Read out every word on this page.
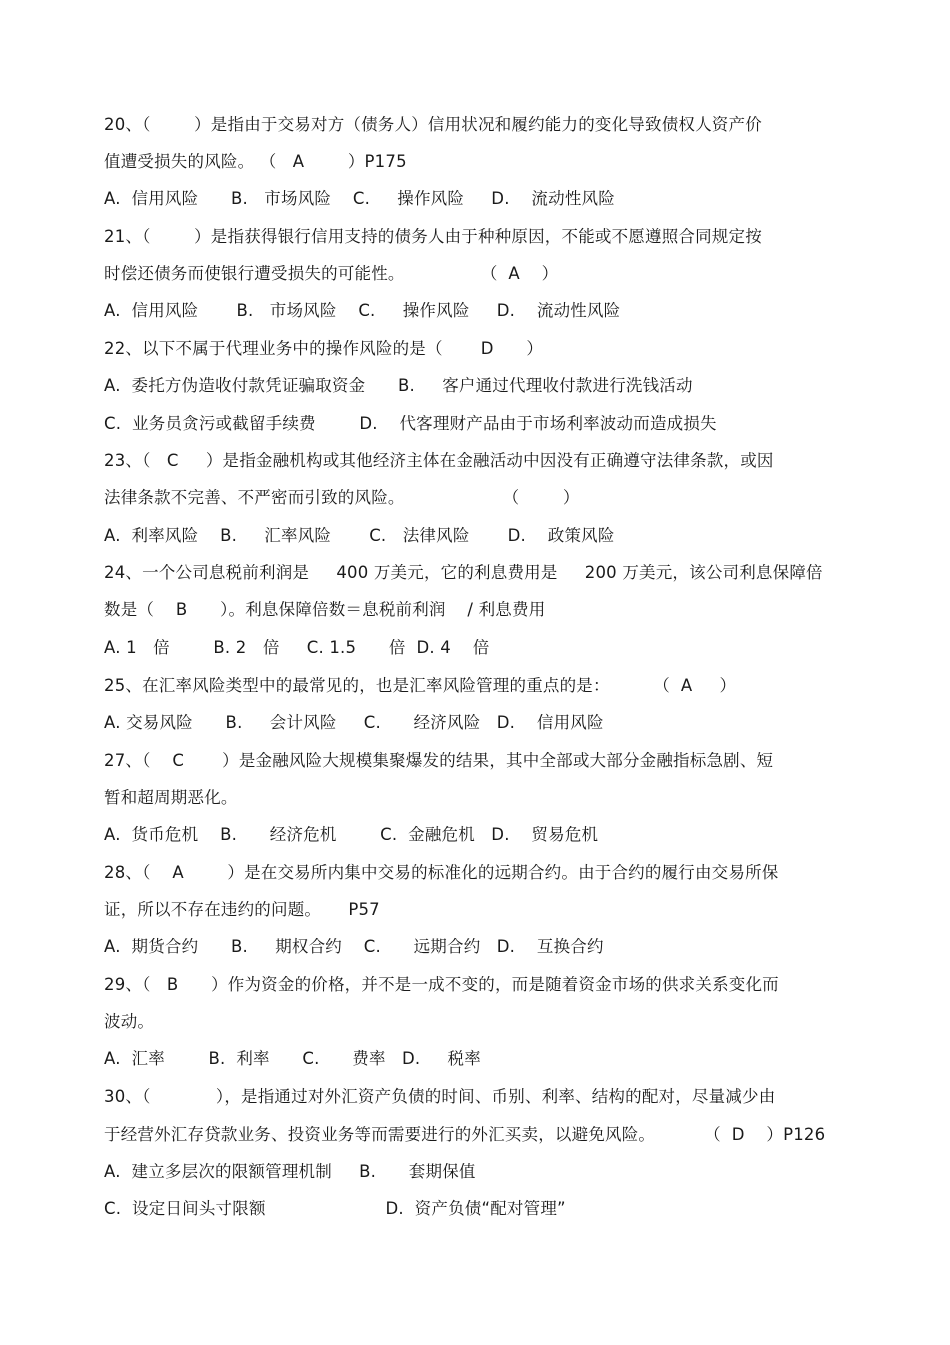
20、（        ）是指由于交易对方（债务人）信用状况和履约能力的变化导致债权人资产价
值遭受损失的风险。 （   A        ）P175
A.  信用风险      B.   市场风险    C.     操作风险     D.    流动性风险
21、（        ）是指获得银行信用支持的债务人由于种种原因，不能或不愿遵照合同规定按
时偿还债务而使银行遭受损失的可能性。              （  A    ）
A.  信用风险       B.   市场风险    C.     操作风险     D.    流动性风险
22、以下不属于代理业务中的操作风险的是（       D      ）
A.  委托方伪造收付款凭证骗取资金      B.     客户通过代理收付款进行洗钱活动
C.  业务员贪污或截留手续费        D.    代客理财产品由于市场利率波动而造成损失
23、（   C     ）是指金融机构或其他经济主体在金融活动中因没有正确遵守法律条款，或因
法律条款不完善、不严密而引致的风险。                  （        ）
A.  利率风险    B.     汇率风险       C.   法律风险       D.    政策风险
24、一个公司息税前利润是     400 万美元，它的利息费用是     200 万美元，该公司利息保障倍
数是（    B      ）。利息保障倍数＝息税前利润    / 利息费用
A. 1   倍        B. 2   倍     C. 1.5      倍  D. 4    倍
25、在汇率风险类型中的最常见的，也是汇率风险管理的重点的是：        （  A     ）
A. 交易风险      B.     会计风险     C.      经济风险   D.    信用风险
27、（    C       ）是金融风险大规模集聚爆发的结果，其中全部或大部分金融指标急剧、短
暂和超周期恶化。
A.  货币危机    B.      经济危机        C.  金融危机   D.    贸易危机
28、（    A        ）是在交易所内集中交易的标准化的远期合约。由于合约的履行由交易所保
证，所以不存在违约的问题。     P57
A.  期货合约      B.     期权合约    C.      远期合约   D.    互换合约
29、（   B      ）作为资金的价格，并不是一成不变的，而是随着资金市场的供求关系变化而
波动。
A.  汇率        B.  利率      C.      费率   D.     税率
30、（            ），是指通过对外汇资产负债的时间、币别、利率、结构的配对，尽量减少由
于经营外汇存贷款业务、投资业务等而需要进行的外汇买卖，以避免风险。         （  D    ）P126
A.  建立多层次的限额管理机制     B.      套期保值
C.  设定日间头寸限额                      D.  资产负债“配对管理”
